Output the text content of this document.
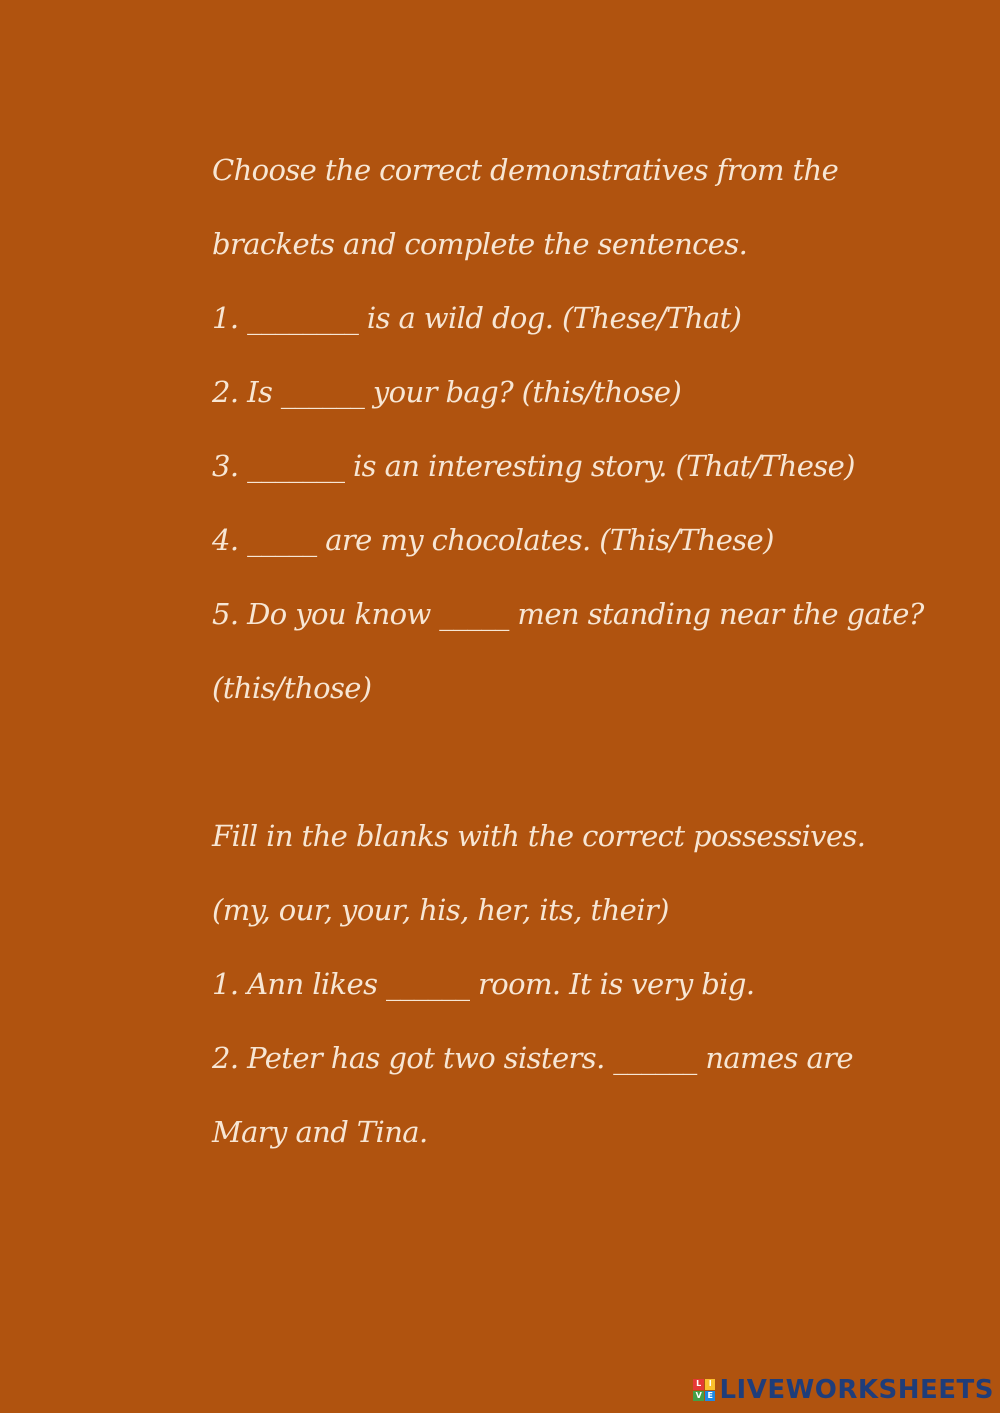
Choose the correct demonstratives from the
brackets and complete the sentences.
1. ________ is a wild dog. (These/That)
2. Is ______ your bag? (this/those)
3. _______ is an interesting story. (That/These)
4. _____ are my chocolates. (This/These)
5. Do you know _____ men standing near the gate?
(this/those)
Fill in the blanks with the correct possessives.
(my, our, your, his, her, its, their)
1. Ann likes ______ room. It is very big.
2. Peter has got two sisters. ______ names are
Mary and Tina.
L I
V E LIVEWORKSHEETS
